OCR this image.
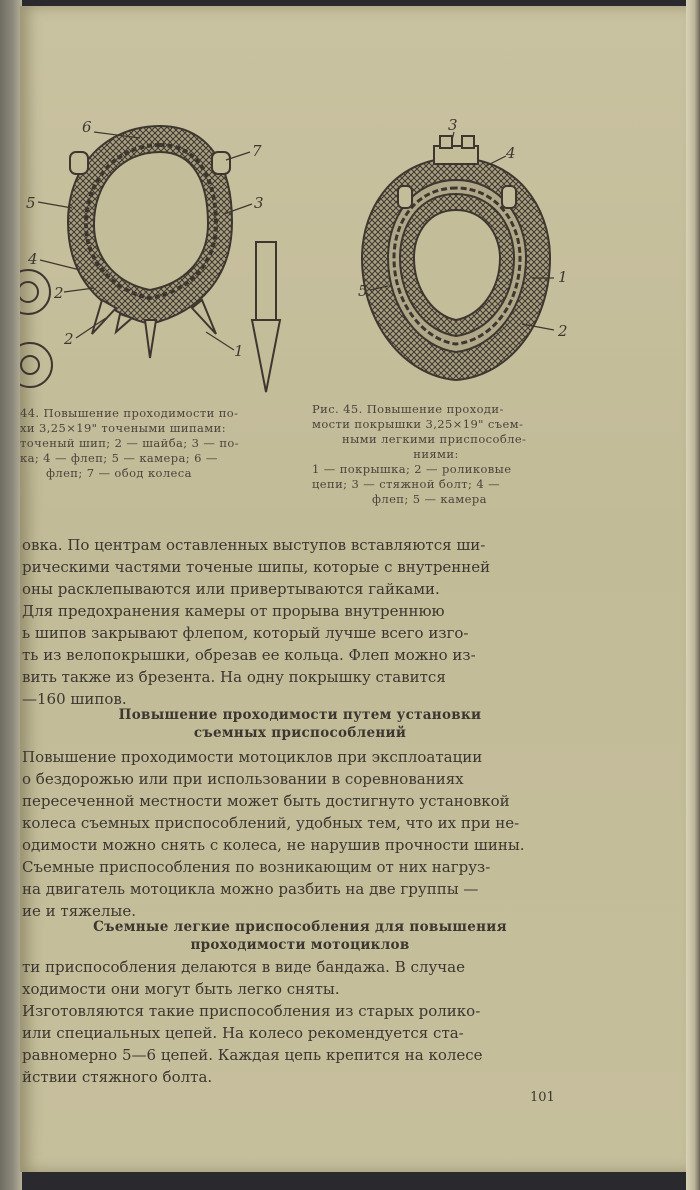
6
7
5	3
4
2
2
1
3
4
1
5
2
44. Повышение проходимости по-
хи 3,25×19" точеными шипами:
точеный шип; 2 — шайба; 3 — по-
ка; 4 — флеп; 5 — камера; 6 —
флеп; 7 — обод колеса
Рис. 45. Повышение проходи-
мости покрышки 3,25×19" съем-
ными легкими приспособле-
ниями:
1 — покрышка; 2 — роликовые
цепи; 3 — стяжной болт; 4 —
флеп; 5 — камера
овка. По центрам оставленных выступов вставляются ши-
рическими частями точеные шипы, которые с внутренней
оны расклепываются или привертываются гайками.
Для предохранения камеры от прорыва внутреннюю
ь шипов закрывают флепом, который лучше всего изго-
ть из велопокрышки, обрезав ее кольца. Флеп можно из-
вить также из брезента. На одну покрышку ставится
—160 шипов.
Повышение проходимости путем установки
съемных приспособлений
Повышение проходимости мотоциклов при эксплоатации
о бездорожью или при использовании в соревнованиях
пересеченной местности может быть достигнуто установкой
колеса съемных приспособлений, удобных тем, что их при не-
одимости можно снять с колеса, не нарушив прочности шины.
Съемные приспособления по возникающим от них нагруз-
на двигатель мотоцикла можно разбить на две группы —
ие и тяжелые.
Съемные легкие приспособления для повышения
проходимости мотоциклов
ти приспособления делаются в виде бандажа. В случае
ходимости они могут быть легко сняты.
Изготовляются такие приспособления из старых ролико-
или специальных цепей. На колесо рекомендуется ста-
равномерно 5—6 цепей. Каждая цепь крепится на колесе
йствии стяжного болта.
101
